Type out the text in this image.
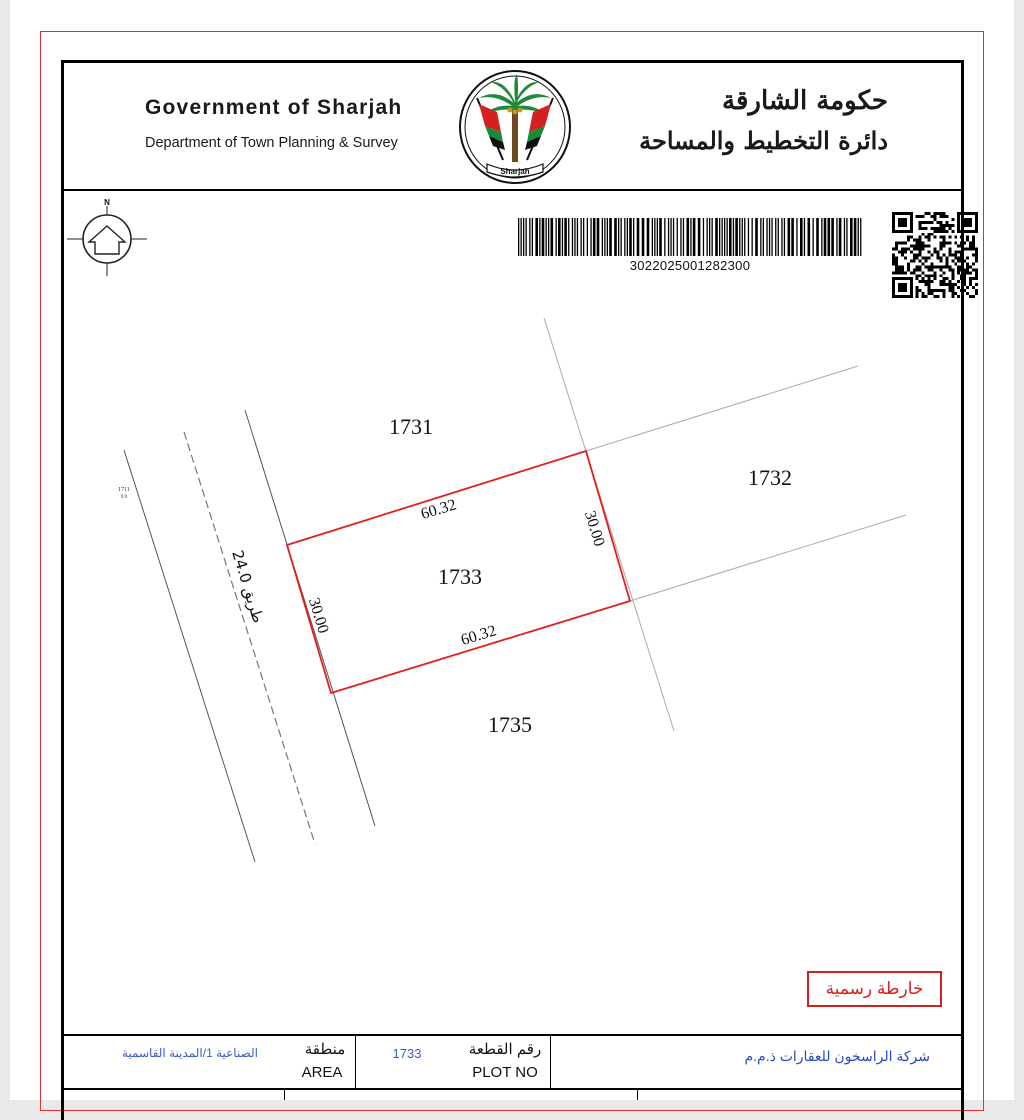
Government of Sharjah
Department of Town Planning & Survey
حكومة الشارقة
دائرة التخطيط والمساحة
Sharjah
N
3022025001282300
1731
1732
1733
1735
1711
9.9	60.32
60.32
30.00
30.00
طريق 24.0
خارطة رسمية
الصناعية 1/المدينة القاسمية	منطقة
AREA
1733	رقم القطعة
PLOT NO
شركة الراسخون للعقارات ذ.م.م
